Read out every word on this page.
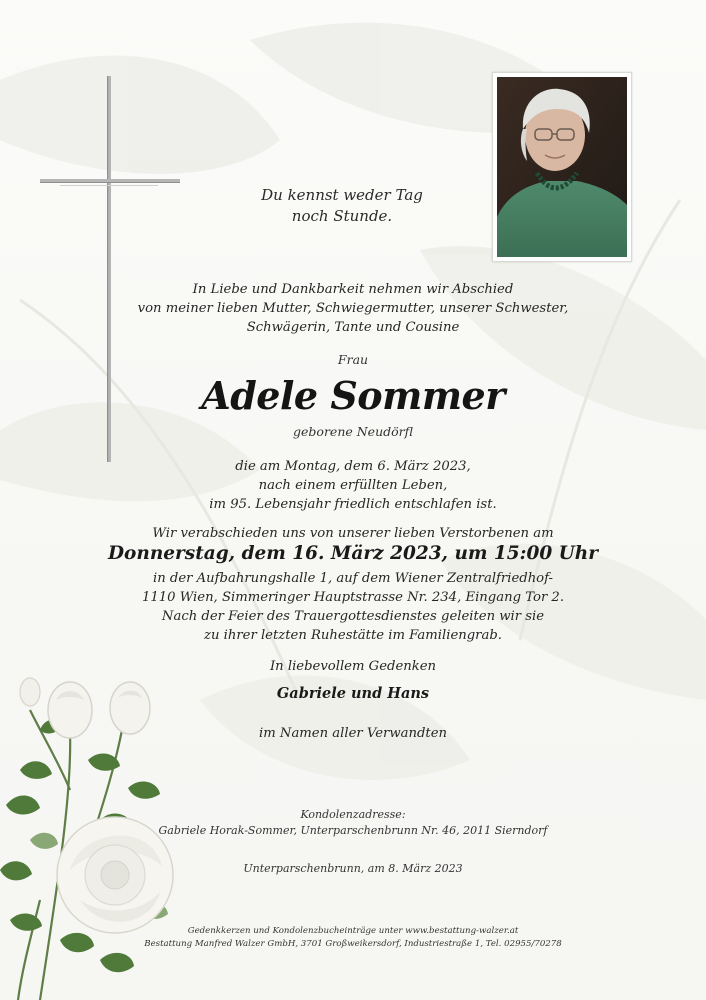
Du kennst weder Tag
noch Stunde.
In Liebe und Dankbarkeit nehmen wir Abschied
von meiner lieben Mutter, Schwiegermutter, unserer Schwester,
Schwägerin, Tante und Cousine
Frau
Adele Sommer
geborene Neudörfl
die am Montag, dem 6. März 2023,
nach einem erfüllten Leben,
im 95. Lebensjahr friedlich entschlafen ist.
Wir verabschieden uns von unserer lieben Verstorbenen am
Donnerstag, dem 16. März 2023, um 15:00 Uhr
in der Aufbahrungshalle 1, auf dem Wiener Zentralfriedhof-
1110 Wien, Simmeringer Hauptstrasse Nr. 234, Eingang Tor 2.
Nach der Feier des Trauergottesdienstes geleiten wir sie
zu ihrer letzten Ruhestätte im Familiengrab.
In liebevollem Gedenken
Gabriele und Hans
im Namen aller Verwandten
Kondolenzadresse:
Gabriele Horak-Sommer, Unterparschenbrunn Nr. 46, 2011 Sierndorf
Unterparschenbrunn, am 8. März 2023
Gedenkkerzen und Kondolenzbucheinträge unter www.bestattung-walzer.at
Bestattung Manfred Walzer GmbH, 3701 Großweikersdorf, Industriestraße 1, Tel. 02955/70278
